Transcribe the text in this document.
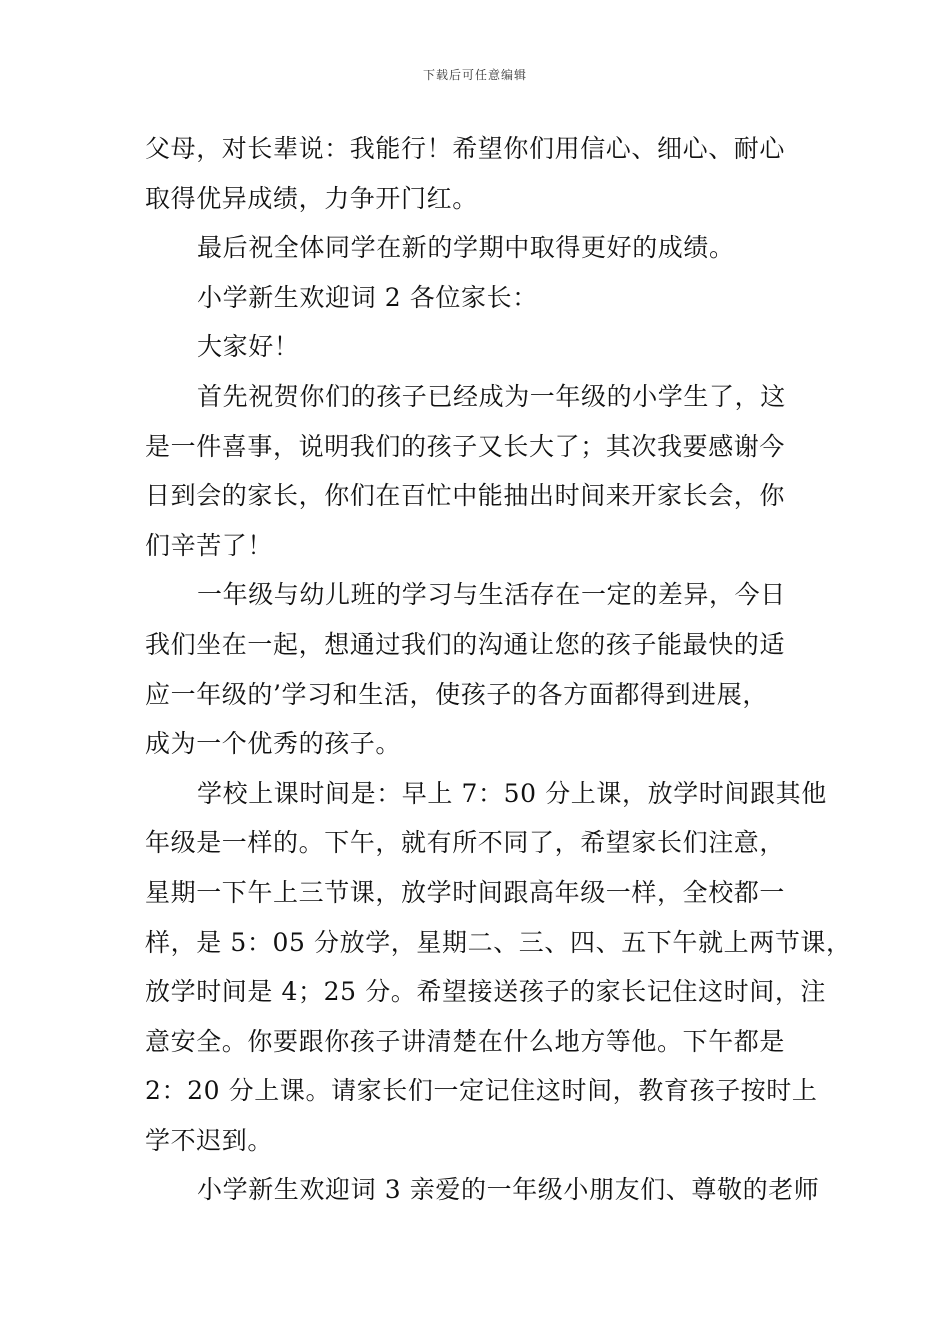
下载后可任意编辑
父母，对长辈说：我能行！希望你们用信心、细心、耐心
取得优异成绩，力争开门红。
最后祝全体同学在新的学期中取得更好的成绩。
小学新生欢迎词 2 各位家长：
大家好！
首先祝贺你们的孩子已经成为一年级的小学生了，这
是一件喜事，说明我们的孩子又长大了；其次我要感谢今
日到会的家长，你们在百忙中能抽出时间来开家长会，你
们辛苦了！
一年级与幼儿班的学习与生活存在一定的差异，今日
我们坐在一起，想通过我们的沟通让您的孩子能最快的适
应一年级的’学习和生活，使孩子的各方面都得到进展，
成为一个优秀的孩子。
学校上课时间是：早上 7：50 分上课，放学时间跟其他
年级是一样的。下午，就有所不同了，希望家长们注意，
星期一下午上三节课，放学时间跟高年级一样，全校都一
样，是 5：05 分放学，星期二、三、四、五下午就上两节课，
放学时间是 4；25 分。希望接送孩子的家长记住这时间，注
意安全。你要跟你孩子讲清楚在什么地方等他。下午都是
2：20 分上课。请家长们一定记住这时间，教育孩子按时上
学不迟到。
小学新生欢迎词 3 亲爱的一年级小朋友们、尊敬的老师
